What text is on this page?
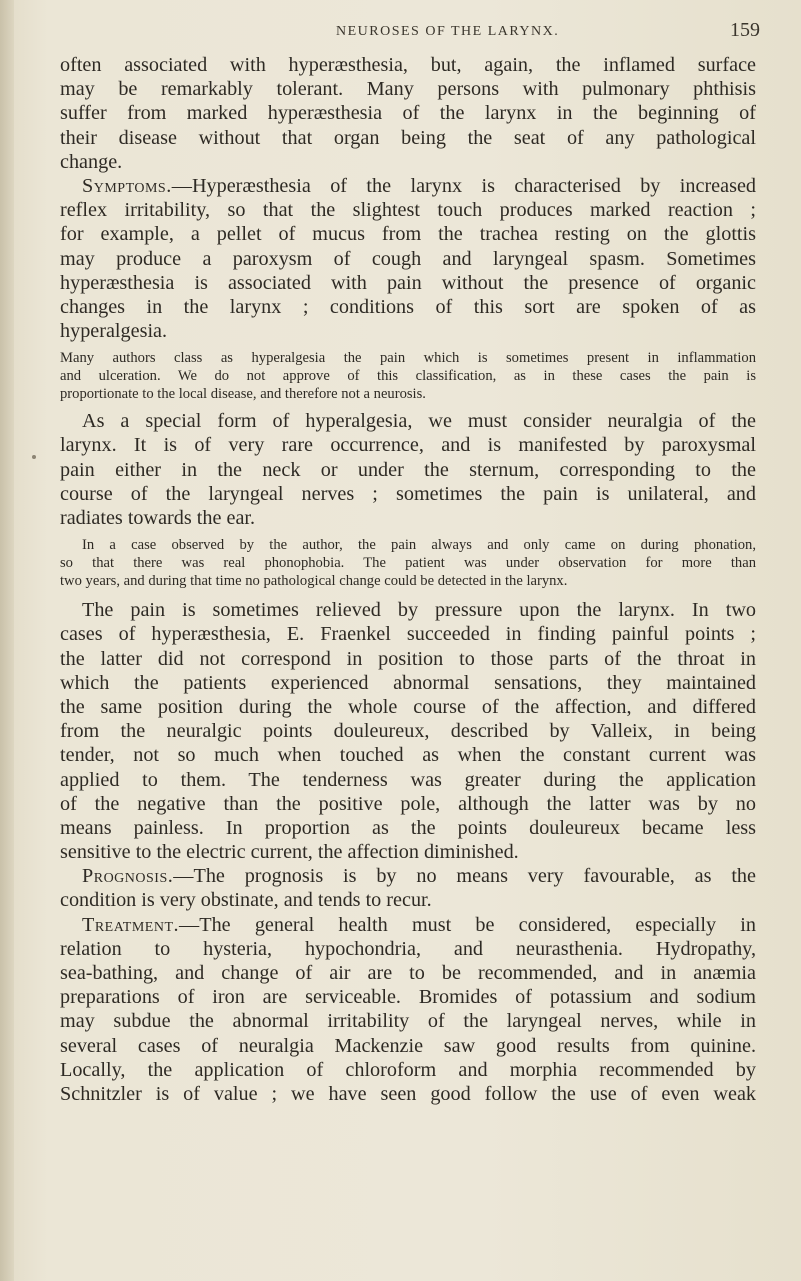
NEUROSES OF THE LARYNX.	159
often associated with hyperæsthesia, but, again, the inflamed surface
may be remarkably tolerant. Many persons with pulmonary phthisis
suffer from marked hyperæsthesia of the larynx in the beginning of
their disease without that organ being the seat of any pathological
change.
Symptoms.—Hyperæsthesia of the larynx is characterised by increased
reflex irritability, so that the slightest touch produces marked reaction ;
for example, a pellet of mucus from the trachea resting on the glottis
may produce a paroxysm of cough and laryngeal spasm. Sometimes
hyperæsthesia is associated with pain without the presence of organic
changes in the larynx ; conditions of this sort are spoken of as
hyperalgesia.
Many authors class as hyperalgesia the pain which is sometimes present in inflammation
and ulceration. We do not approve of this classification, as in these cases the pain is
proportionate to the local disease, and therefore not a neurosis.
As a special form of hyperalgesia, we must consider neuralgia of the
larynx. It is of very rare occurrence, and is manifested by paroxysmal
pain either in the neck or under the sternum, corresponding to the
course of the laryngeal nerves ; sometimes the pain is unilateral, and
radiates towards the ear.
In a case observed by the author, the pain always and only came on during phonation,
so that there was real phonophobia. The patient was under observation for more than
two years, and during that time no pathological change could be detected in the larynx.
The pain is sometimes relieved by pressure upon the larynx. In two
cases of hyperæsthesia, E. Fraenkel succeeded in finding painful points ;
the latter did not correspond in position to those parts of the throat in
which the patients experienced abnormal sensations, they maintained
the same position during the whole course of the affection, and differed
from the neuralgic points douleureux, described by Valleix, in being
tender, not so much when touched as when the constant current was
applied to them. The tenderness was greater during the application
of the negative than the positive pole, although the latter was by no
means painless. In proportion as the points douleureux became less
sensitive to the electric current, the affection diminished.
Prognosis.—The prognosis is by no means very favourable, as the
condition is very obstinate, and tends to recur.
Treatment.—The general health must be considered, especially in
relation to hysteria, hypochondria, and neurasthenia. Hydropathy,
sea-bathing, and change of air are to be recommended, and in anæmia
preparations of iron are serviceable. Bromides of potassium and sodium
may subdue the abnormal irritability of the laryngeal nerves, while in
several cases of neuralgia Mackenzie saw good results from quinine.
Locally, the application of chloroform and morphia recommended by
Schnitzler is of value ; we have seen good follow the use of even weak
